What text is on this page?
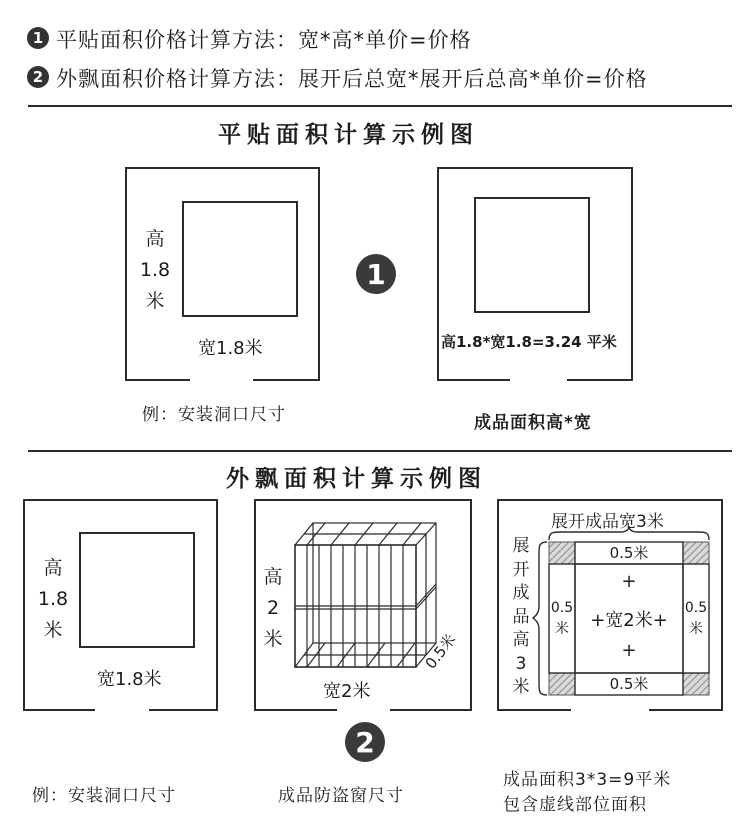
1 平贴面积价格计算方法：宽*高*单价=价格
2 外飘面积价格计算方法：展开后总宽*展开后总高*单价=价格
平贴面积计算示例图
高
1.8
米
宽1.8米
例：安装洞口尺寸
1
高1.8*宽1.8=3.24 平米
成品面积高*宽
外飘面积计算示例图
高
1.8
米
宽1.8米
例：安装洞口尺寸
高
2
米
宽2米
0.5米
成品防盗窗尺寸
2
展开成品宽3米
展
开
成
品
高
3
米
0.5米
0.5米
0.5
米
0.5
米
+
+宽2米+
+
成品面积3*3=9平米
包含虚线部位面积
